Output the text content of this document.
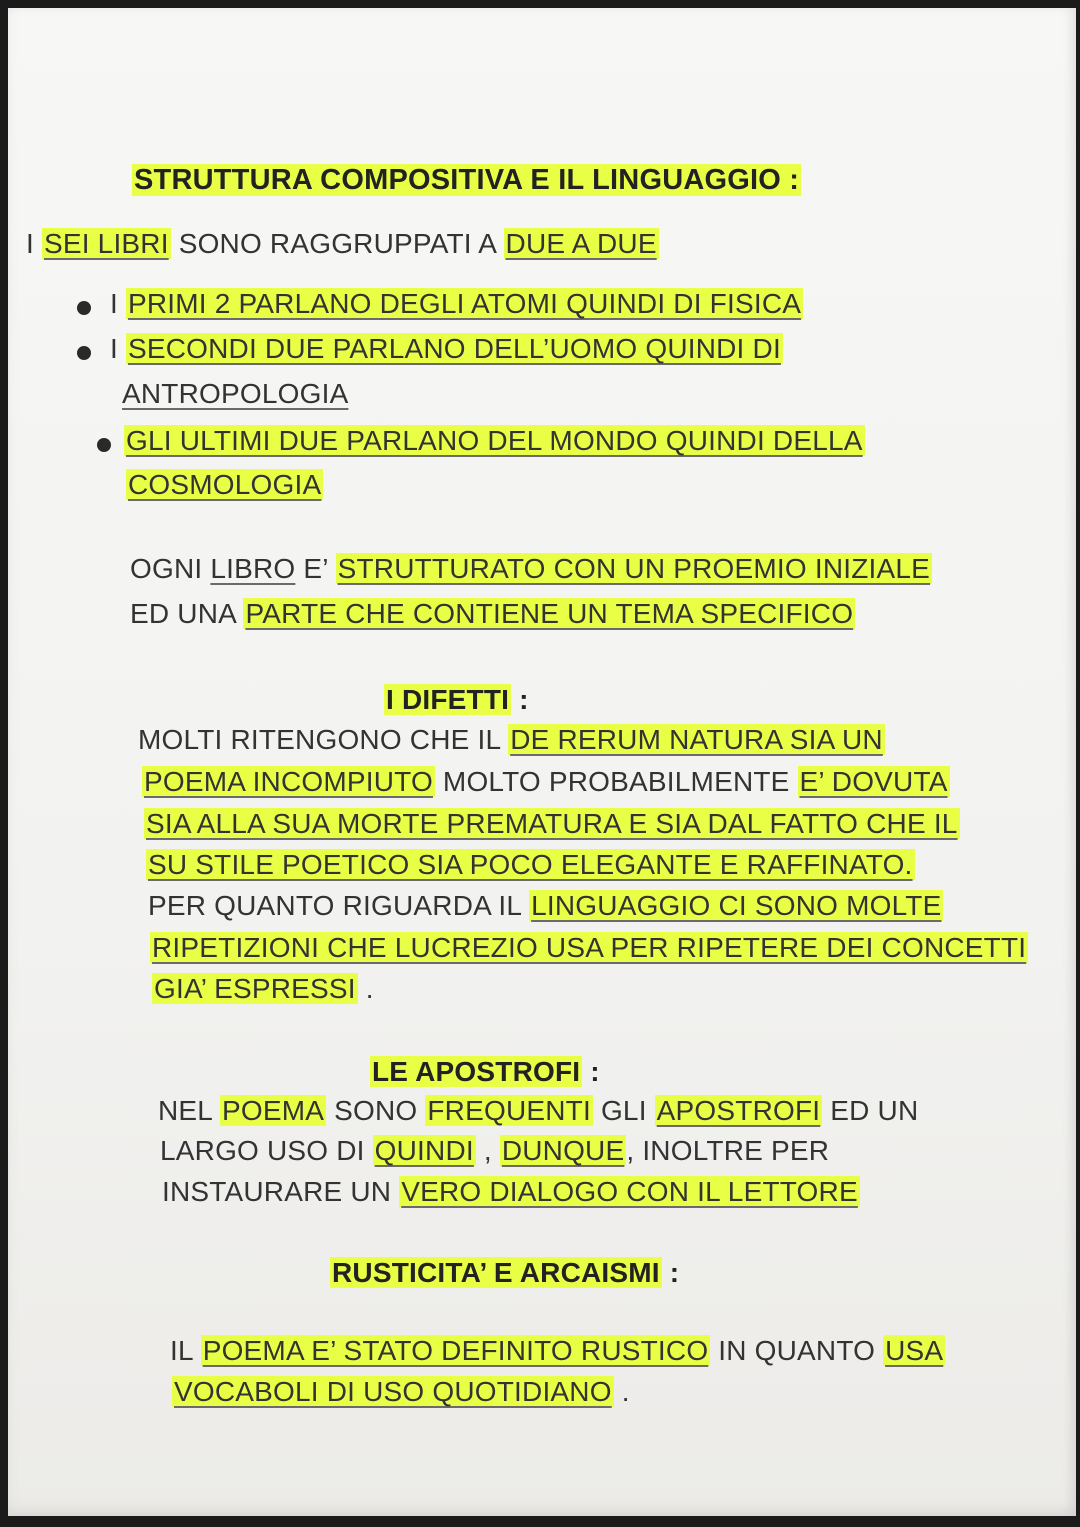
STRUTTURA COMPOSITIVA E IL LINGUAGGIO :
I SEI LIBRI SONO RAGGRUPPATI A DUE A DUE
I PRIMI 2 PARLANO DEGLI ATOMI QUINDI DI FISICA
I SECONDI DUE PARLANO DELL’UOMO QUINDI DI
ANTROPOLOGIA
GLI ULTIMI DUE PARLANO DEL MONDO QUINDI DELLA
COSMOLOGIA
OGNI LIBRO E’ STRUTTURATO CON UN PROEMIO INIZIALE
ED UNA PARTE CHE CONTIENE UN TEMA SPECIFICO
I DIFETTI :
MOLTI RITENGONO CHE IL DE RERUM NATURA SIA UN
POEMA INCOMPIUTO MOLTO PROBABILMENTE E’ DOVUTA
SIA ALLA SUA MORTE PREMATURA E SIA DAL FATTO CHE IL
SU STILE POETICO SIA POCO ELEGANTE E RAFFINATO.
PER QUANTO RIGUARDA IL LINGUAGGIO CI SONO MOLTE
RIPETIZIONI CHE LUCREZIO USA PER RIPETERE DEI CONCETTI
GIA’ ESPRESSI .
LE APOSTROFI :
NEL POEMA SONO FREQUENTI GLI APOSTROFI ED UN
LARGO USO DI QUINDI , DUNQUE, INOLTRE PER
INSTAURARE UN VERO DIALOGO CON IL LETTORE
RUSTICITA’ E ARCAISMI :
IL POEMA E’ STATO DEFINITO RUSTICO IN QUANTO USA
VOCABOLI DI USO QUOTIDIANO .
